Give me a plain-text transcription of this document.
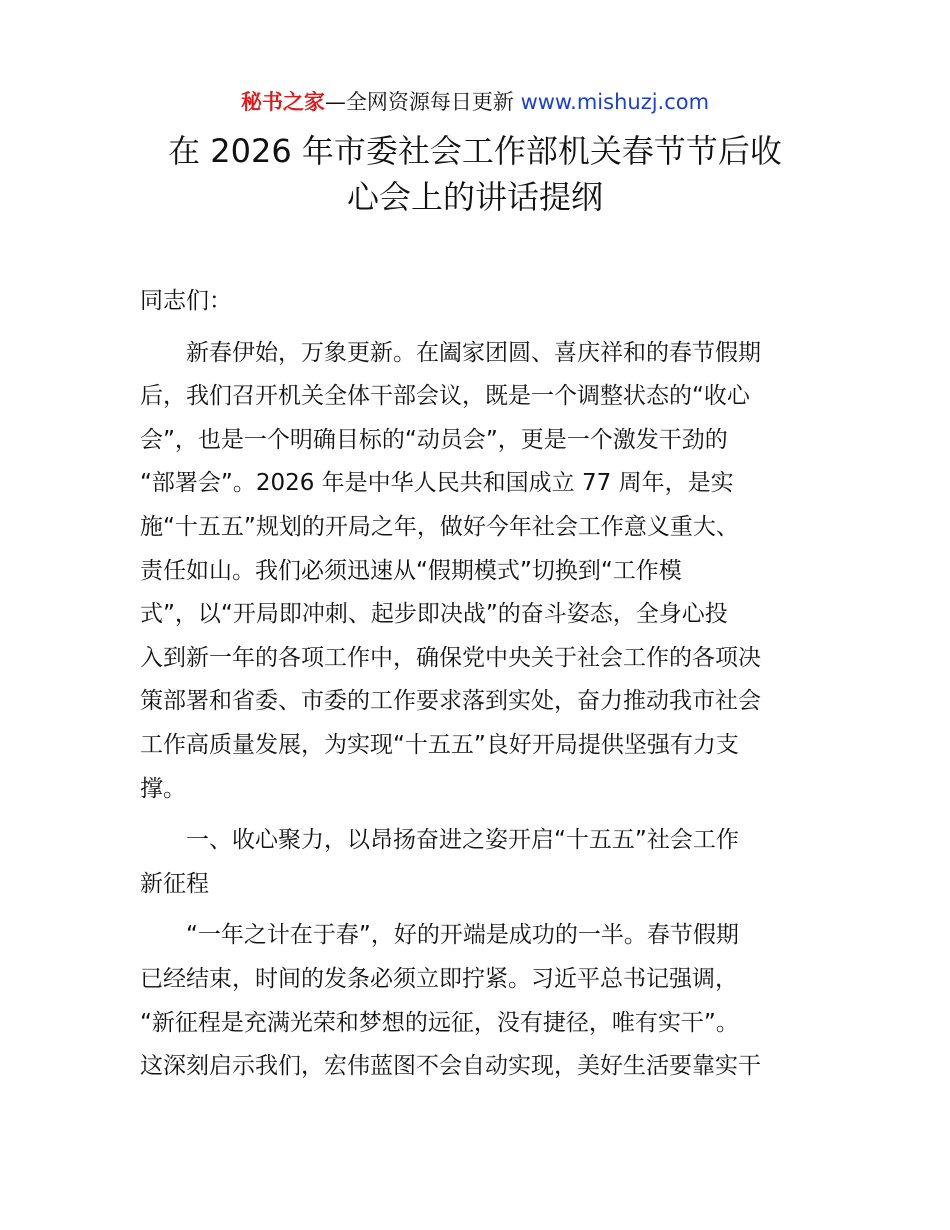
秘书之家—全网资源每日更新 www.mishuzj.com
在 2026 年市委社会工作部机关春节节后收
心会上的讲话提纲
同志们：
　　新春伊始，万象更新。在阖家团圆、喜庆祥和的春节假期
后，我们召开机关全体干部会议，既是一个调整状态的“收心
会”，也是一个明确目标的“动员会”，更是一个激发干劲的
“部署会”。2026 年是中华人民共和国成立 77 周年，是实
施“十五五”规划的开局之年，做好今年社会工作意义重大、
责任如山。我们必须迅速从“假期模式”切换到“工作模
式”，以“开局即冲刺、起步即决战”的奋斗姿态，全身心投
入到新一年的各项工作中，确保党中央关于社会工作的各项决
策部署和省委、市委的工作要求落到实处，奋力推动我市社会
工作高质量发展，为实现“十五五”良好开局提供坚强有力支
撑。
　　一、收心聚力，以昂扬奋进之姿开启“十五五”社会工作
新征程
　　“一年之计在于春”，好的开端是成功的一半。春节假期
已经结束，时间的发条必须立即拧紧。习近平总书记强调，
“新征程是充满光荣和梦想的远征，没有捷径，唯有实干”。
这深刻启示我们，宏伟蓝图不会自动实现，美好生活要靠实干
